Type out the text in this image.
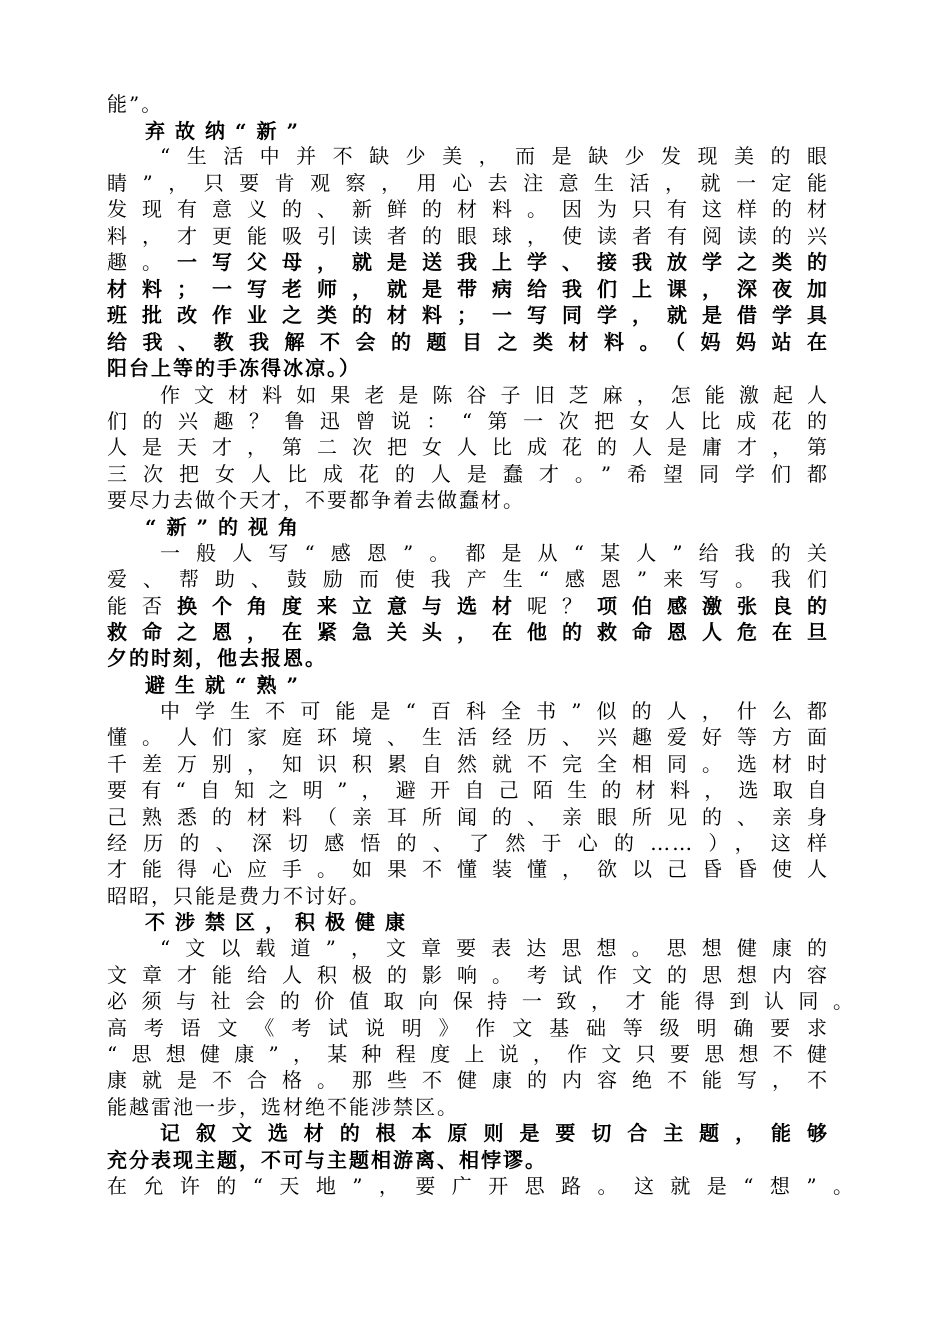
能”。
弃故纳“新”
“生活中并不缺少美，而是缺少发现美的眼
睛”，只要肯观察，用心去注意生活，就一定能
发现有意义的、新鲜的材料。因为只有这样的材
料，才更能吸引读者的眼球，使读者有阅读的兴
趣。一写父母，就是送我上学、接我放学之类的
材料；一写老师，就是带病给我们上课，深夜加
班批改作业之类的材料；一写同学，就是借学具
给我、教我解不会的题目之类材料。（妈妈站在
阳台上等的手冻得冰凉。）
作文材料如果老是陈谷子旧芝麻，怎能激起人
们的兴趣？鲁迅曾说：“第一次把女人比成花的
人是天才，第二次把女人比成花的人是庸才，第
三次把女人比成花的人是蠢才。”希望同学们都
要尽力去做个天才，不要都争着去做蠢材。
“新”的视角
一般人写“感恩”。都是从“某人”给我的关
爱、帮助、鼓励而使我产生“感恩”来写。我们
能否换个角度来立意与选材呢？项伯感激张良的
救命之恩，在紧急关头，在他的救命恩人危在旦
夕的时刻，他去报恩。
避生就“熟”
中学生不可能是“百科全书”似的人，什么都
懂。人们家庭环境、生活经历、兴趣爱好等方面
千差万别，知识积累自然就不完全相同。选材时
要有“自知之明”，避开自己陌生的材料，选取自
己熟悉的材料（亲耳所闻的、亲眼所见的、亲身
经历的、深切感悟的、了然于心的……），这样
才能得心应手。如果不懂装懂，欲以己昏昏使人
昭昭，只能是费力不讨好。
不涉禁区，积极健康
“文以载道”，文章要表达思想。思想健康的
文章才能给人积极的影响。考试作文的思想内容
必须与社会的价值取向保持一致，才能得到认同。
高考语文《考试说明》作文基础等级明确要求
“思想健康”，某种程度上说，作文只要思想不健
康就是不合格。那些不健康的内容绝不能写，不
能越雷池一步，选材绝不能涉禁区。
记叙文选材的根本原则是要切合主题，能够
充分表现主题，不可与主题相游离、相悖谬。
在允许的“天地”，要广开思路。这就是“想”。
